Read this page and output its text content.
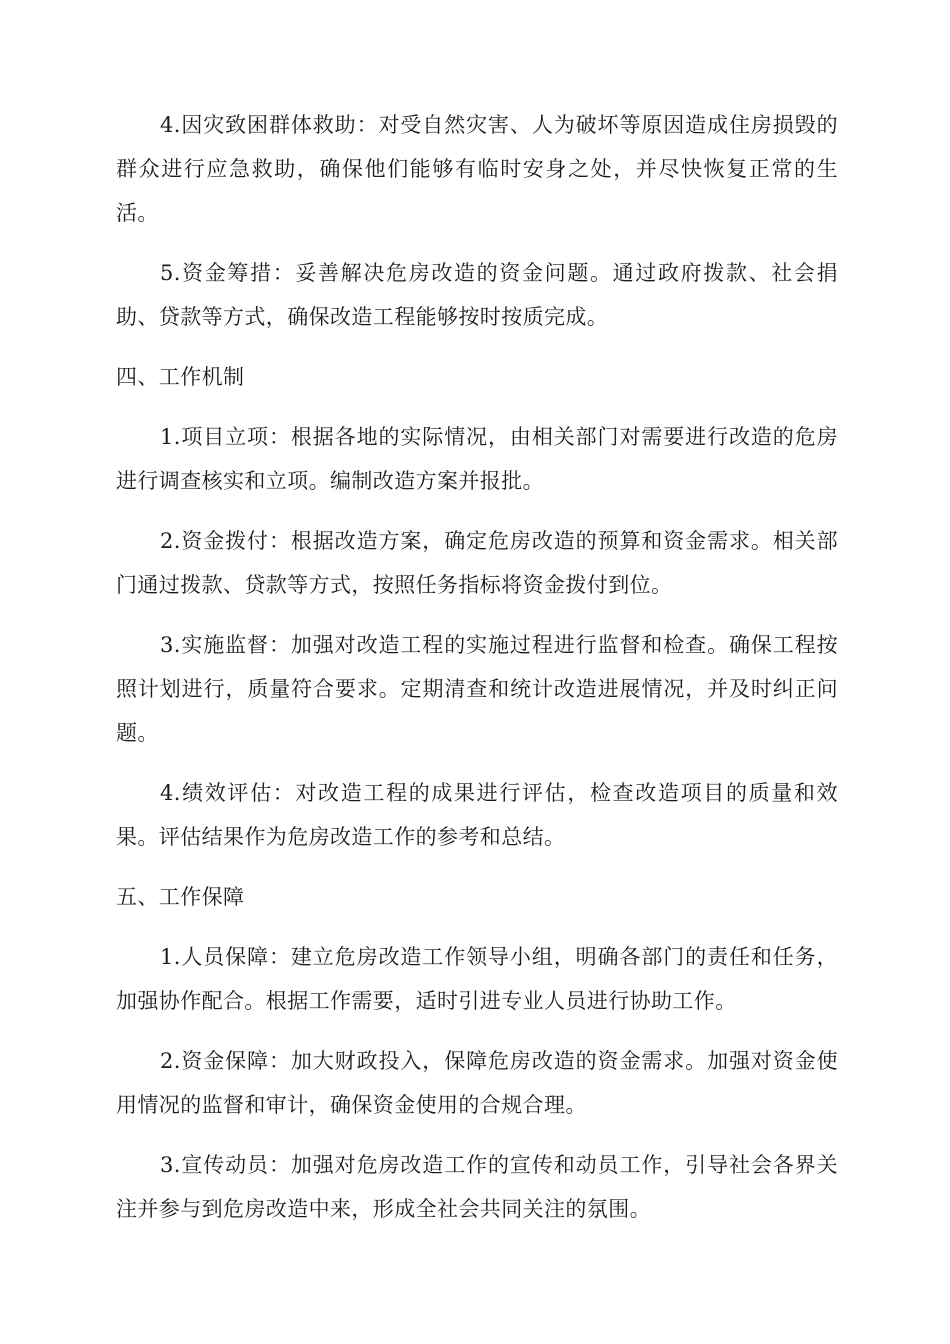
4.因灾致困群体救助：对受自然灾害、人为破坏等原因造成住房损毁的群众进行应急救助，确保他们能够有临时安身之处，并尽快恢复正常的生活。

5.资金筹措：妥善解决危房改造的资金问题。通过政府拨款、社会捐助、贷款等方式，确保改造工程能够按时按质完成。

四、工作机制

1.项目立项：根据各地的实际情况，由相关部门对需要进行改造的危房进行调查核实和立项。编制改造方案并报批。

2.资金拨付：根据改造方案，确定危房改造的预算和资金需求。相关部门通过拨款、贷款等方式，按照任务指标将资金拨付到位。

3.实施监督：加强对改造工程的实施过程进行监督和检查。确保工程按照计划进行，质量符合要求。定期清查和统计改造进展情况，并及时纠正问题。

4.绩效评估：对改造工程的成果进行评估，检查改造项目的质量和效果。评估结果作为危房改造工作的参考和总结。

五、工作保障

1.人员保障：建立危房改造工作领导小组，明确各部门的责任和任务，加强协作配合。根据工作需要，适时引进专业人员进行协助工作。

2.资金保障：加大财政投入，保障危房改造的资金需求。加强对资金使用情况的监督和审计，确保资金使用的合规合理。

3.宣传动员：加强对危房改造工作的宣传和动员工作，引导社会各界关注并参与到危房改造中来，形成全社会共同关注的氛围。
